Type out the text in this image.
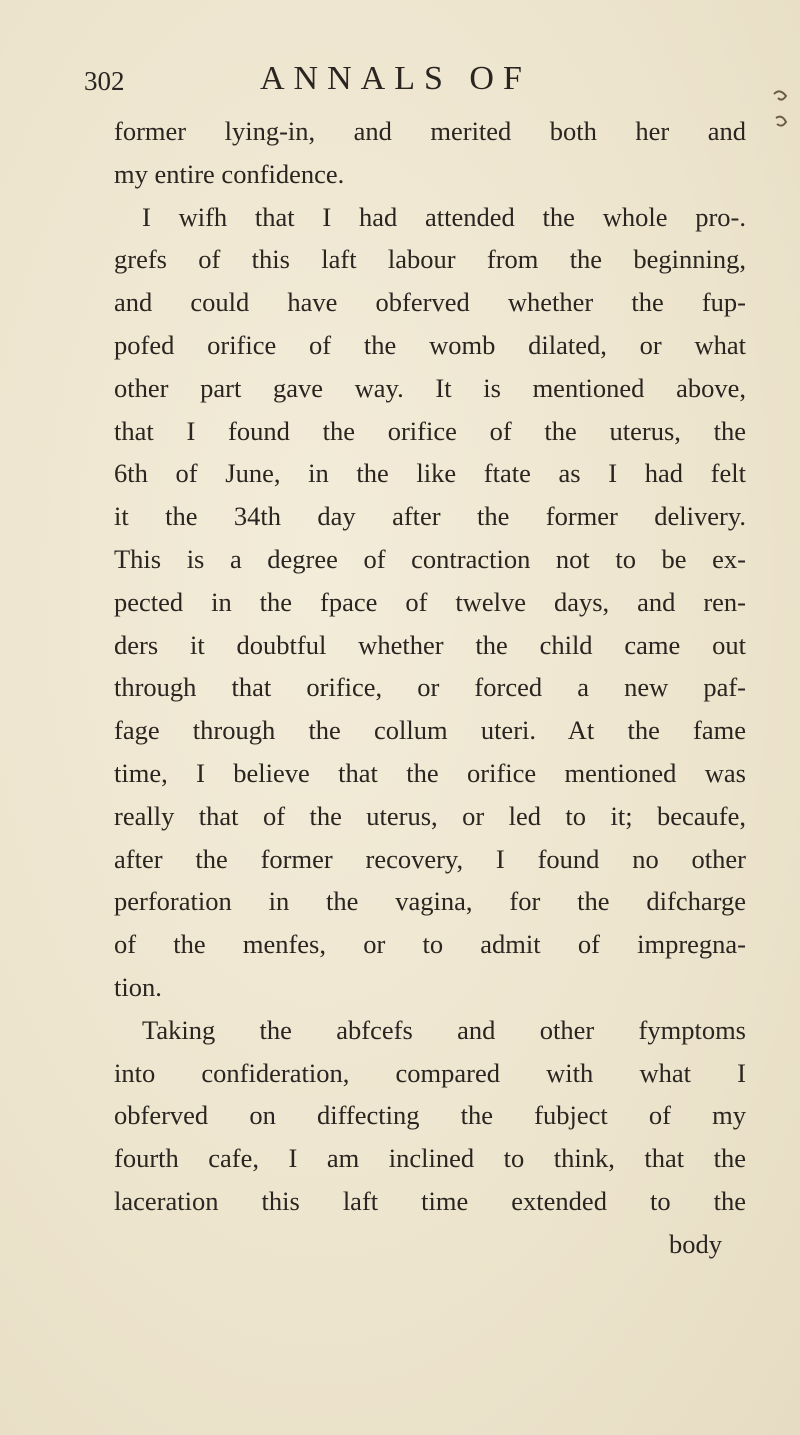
302	ANNALS OF
former lying-in, and merited both her and
my entire confidence.
I wifh that I had attended the whole pro-.
grefs of this laft labour from the beginning,
and could have obferved whether the fup-
pofed orifice of the womb dilated, or what
other part gave way. It is mentioned above,
that I found the orifice of the uterus, the
6th of June, in the like ftate as I had felt
it the 34th day after the former delivery.
This is a degree of contraction not to be ex-
pected in the fpace of twelve days, and ren-
ders it doubtful whether the child came out
through that orifice, or forced a new paf-
fage through the collum uteri. At the fame
time, I believe that the orifice mentioned was
really that of the uterus, or led to it; becaufe,
after the former recovery, I found no other
perforation in the vagina, for the difcharge
of the menfes, or to admit of impregna-
tion.
Taking the abfcefs and other fymptoms
into confideration, compared with what I
obferved on diffecting the fubject of my
fourth cafe, I am inclined to think, that the
laceration this laft time extended to the
body
